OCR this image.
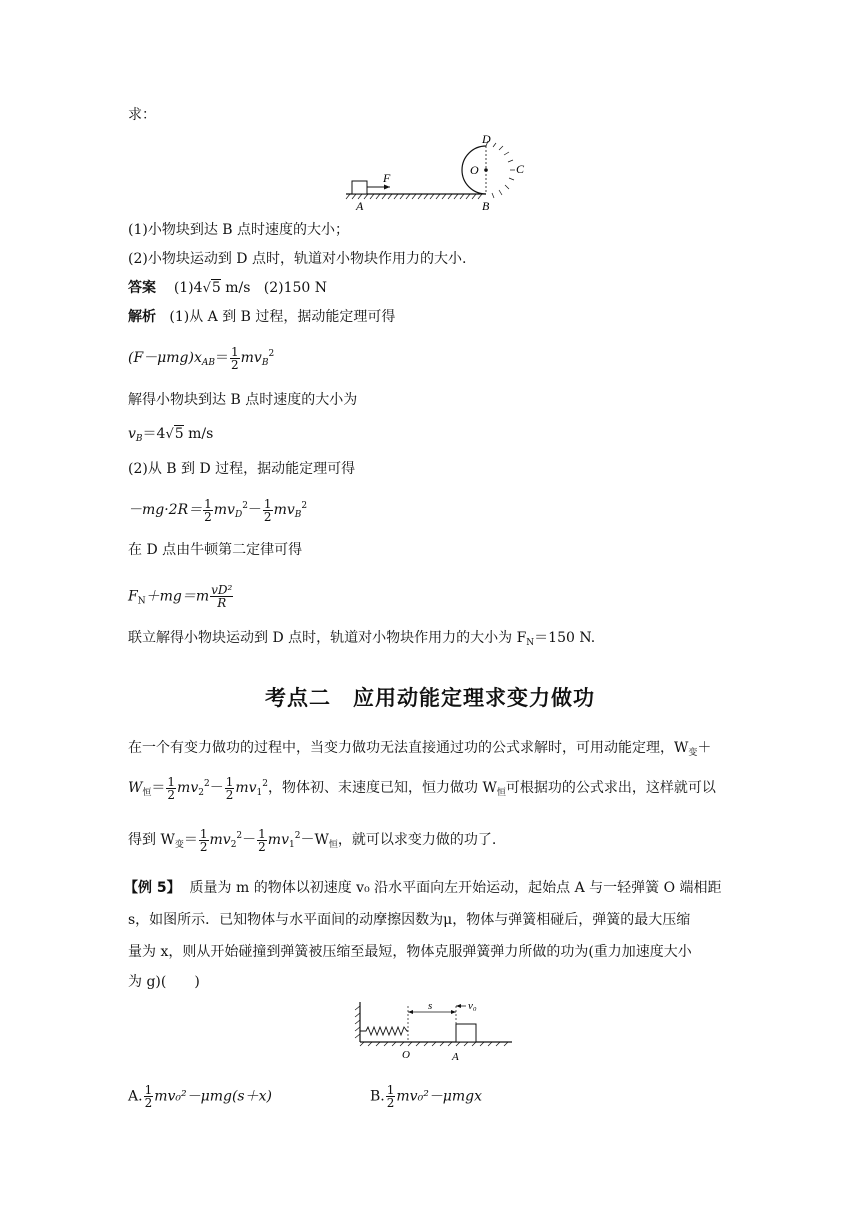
求：
A	B
C
D
O
F
(1)小物块到达 B 点时速度的大小；
(2)小物块运动到 D 点时，轨道对小物块作用力的大小.
答案 (1)4√5 m/s (2)150 N
解析 (1)从 A 到 B 过程，据动能定理可得
$(F-\mu mg)x_{AB}= \frac{1}{2} mv_B^2$
解得小物块到达 B 点时速度的大小为
$v_B=4√5$ m/s
(2)从 B 到 D 过程，据动能定理可得
$-mg\cdot 2R= \frac{1}{2} mv_D^2- \frac{1}{2} mv_B^2$
在 D 点由牛顿第二定律可得
$F_N+mg=m \frac{\text{vD²}}{R}$
联立解得小物块运动到 D 点时，轨道对小物块作用力的大小为 $F_N=150$ N.
考点二　应用动能定理求变力做功
在一个有变力做功的过程中，当变力做功无法直接通过功的公式求解时，可用动能定理，$W_变+$
$W_恒= \frac{1}{2} mv_2^2- \frac{1}{2} mv_1^2$，物体初、末速度已知，恒力做功 $W_恒$可根据功的公式求出，这样就可以
得到 $W_变= \frac{1}{2} mv_2^2- \frac{1}{2} mv_1^2-W_恒$，就可以求变力做的功了.
【例 5】 质量为 m 的物体以初速度 v₀ 沿水平面向左开始运动，起始点 A 与一轻弹簧 O 端相距
s，如图所示．已知物体与水平面间的动摩擦因数为μ，物体与弹簧相碰后，弹簧的最大压缩
量为 x，则从开始碰撞到弹簧被压缩至最短，物体克服弹簧弹力所做的功为(重力加速度大小
为 g)(　　)
s	v₀
O	A
A. $\frac{1}{2} mv_0^2-\mu mg(s+x)$	B. $\frac{1}{2} mv_0^2-\mu mgx$
